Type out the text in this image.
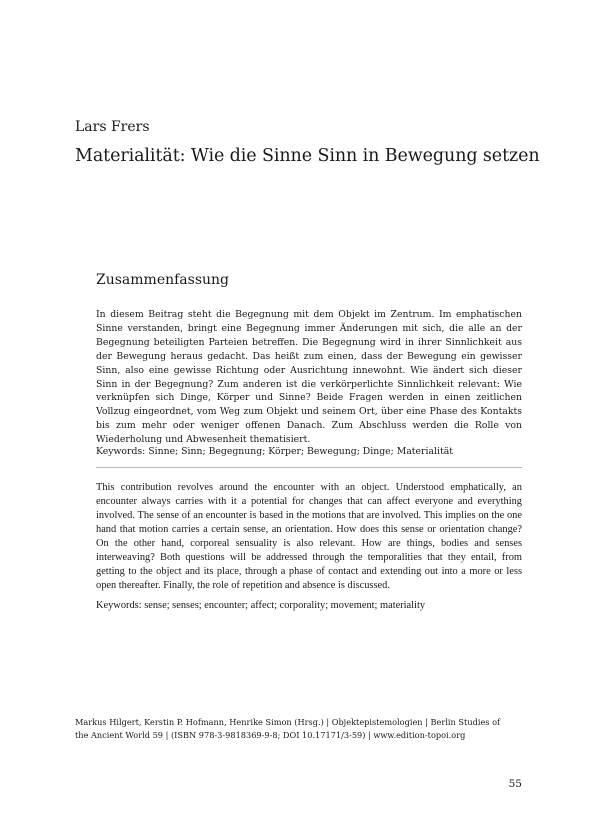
Lars Frers

Materialität: Wie die Sinne Sinn in Bewegung setzen
Zusammenfassung

In diesem Beitrag steht die Begegnung mit dem Objekt im Zentrum. Im emphatischen Sinne verstanden, bringt eine Begegnung immer Änderungen mit sich, die alle an der Begegnung beteiligten Parteien betreffen. Die Begegnung wird in ihrer Sinnlichkeit aus der Bewegung heraus gedacht. Das heißt zum einen, dass der Bewegung ein gewisser Sinn, also eine gewisse Richtung oder Ausrichtung innewohnt. Wie ändert sich dieser Sinn in der Begegnung? Zum anderen ist die verkörperlichte Sinnlichkeit relevant: Wie verknüpfen sich Dinge, Körper und Sinne? Beide Fragen werden in einen zeitlichen Vollzug eingeordnet, vom Weg zum Objekt und seinem Ort, über eine Phase des Kontakts bis zum mehr oder weniger offenen Danach. Zum Abschluss werden die Rolle von Wiederholung und Abwesenheit thematisiert.

Keywords: Sinne; Sinn; Begegnung; Körper; Bewegung; Dinge; Materialität

This contribution revolves around the encounter with an object. Understood emphatically, an encounter always carries with it a potential for changes that can affect everyone and everything involved. The sense of an encounter is based in the motions that are involved. This implies on the one hand that motion carries a certain sense, an orientation. How does this sense or orientation change? On the other hand, corporeal sensuality is also relevant. How are things, bodies and senses interweaving? Both questions will be addressed through the temporalities that they entail, from getting to the object and its place, through a phase of contact and extending out into a more or less open thereafter. Finally, the role of repetition and absence is discussed.

Keywords: sense; senses; encounter; affect; corporality; movement; materiality

Markus Hilgert, Kerstin P. Hofmann, Henrike Simon (Hrsg.) | Objektepistemologien | Berlin Studies of
the Ancient World 59 | (ISBN 978-3-9818369-9-8; DOI 10.17171/3-59) | www.edition-topoi.org

55
